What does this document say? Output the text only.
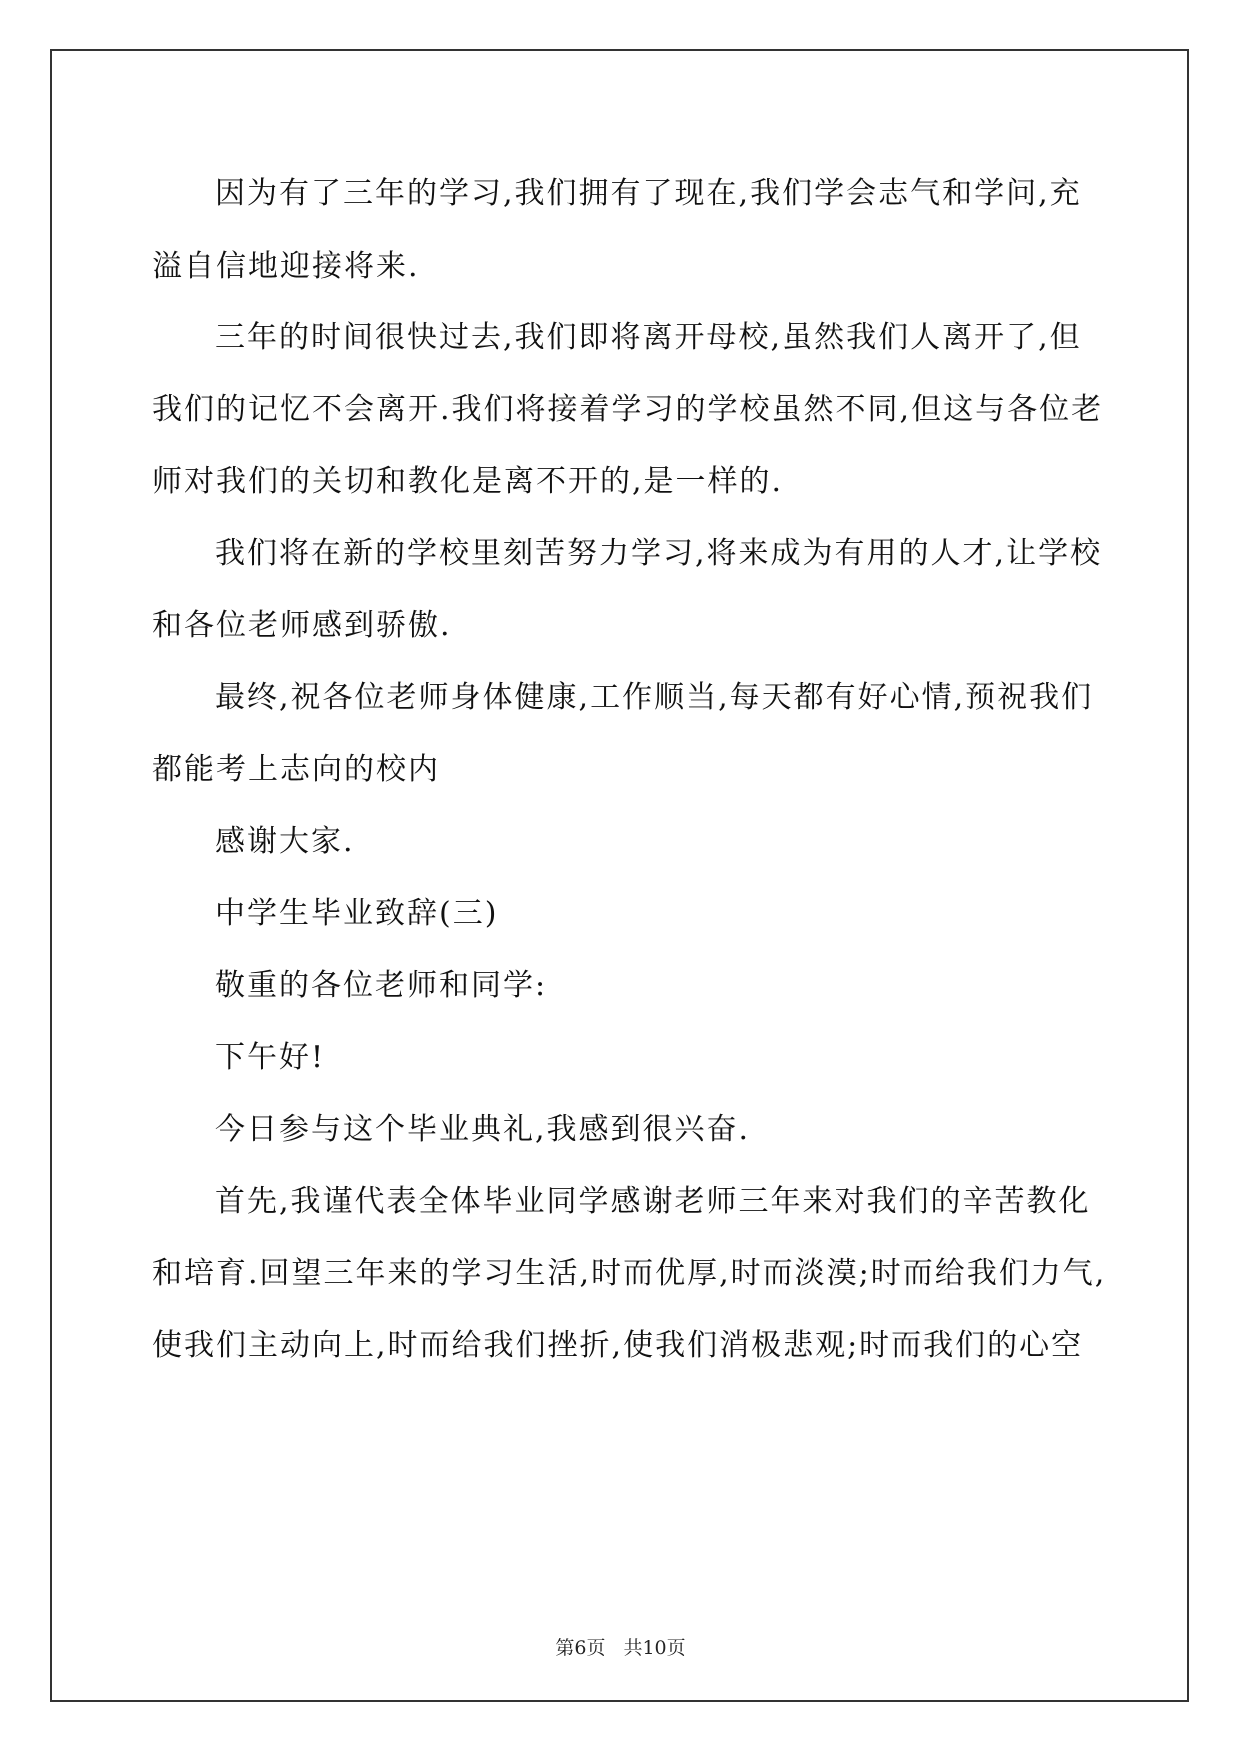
因为有了三年的学习,我们拥有了现在,我们学会志气和学问,充
溢自信地迎接将来.
三年的时间很快过去,我们即将离开母校,虽然我们人离开了,但
我们的记忆不会离开.我们将接着学习的学校虽然不同,但这与各位老
师对我们的关切和教化是离不开的,是一样的.
我们将在新的学校里刻苦努力学习,将来成为有用的人才,让学校
和各位老师感到骄傲.
最终,祝各位老师身体健康,工作顺当,每天都有好心情,预祝我们
都能考上志向的校内
感谢大家.
中学生毕业致辞(三)
敬重的各位老师和同学:
下午好!
今日参与这个毕业典礼,我感到很兴奋.
首先,我谨代表全体毕业同学感谢老师三年来对我们的辛苦教化
和培育.回望三年来的学习生活,时而优厚,时而淡漠;时而给我们力气,
使我们主动向上,时而给我们挫折,使我们消极悲观;时而我们的心空
第6页 共10页
